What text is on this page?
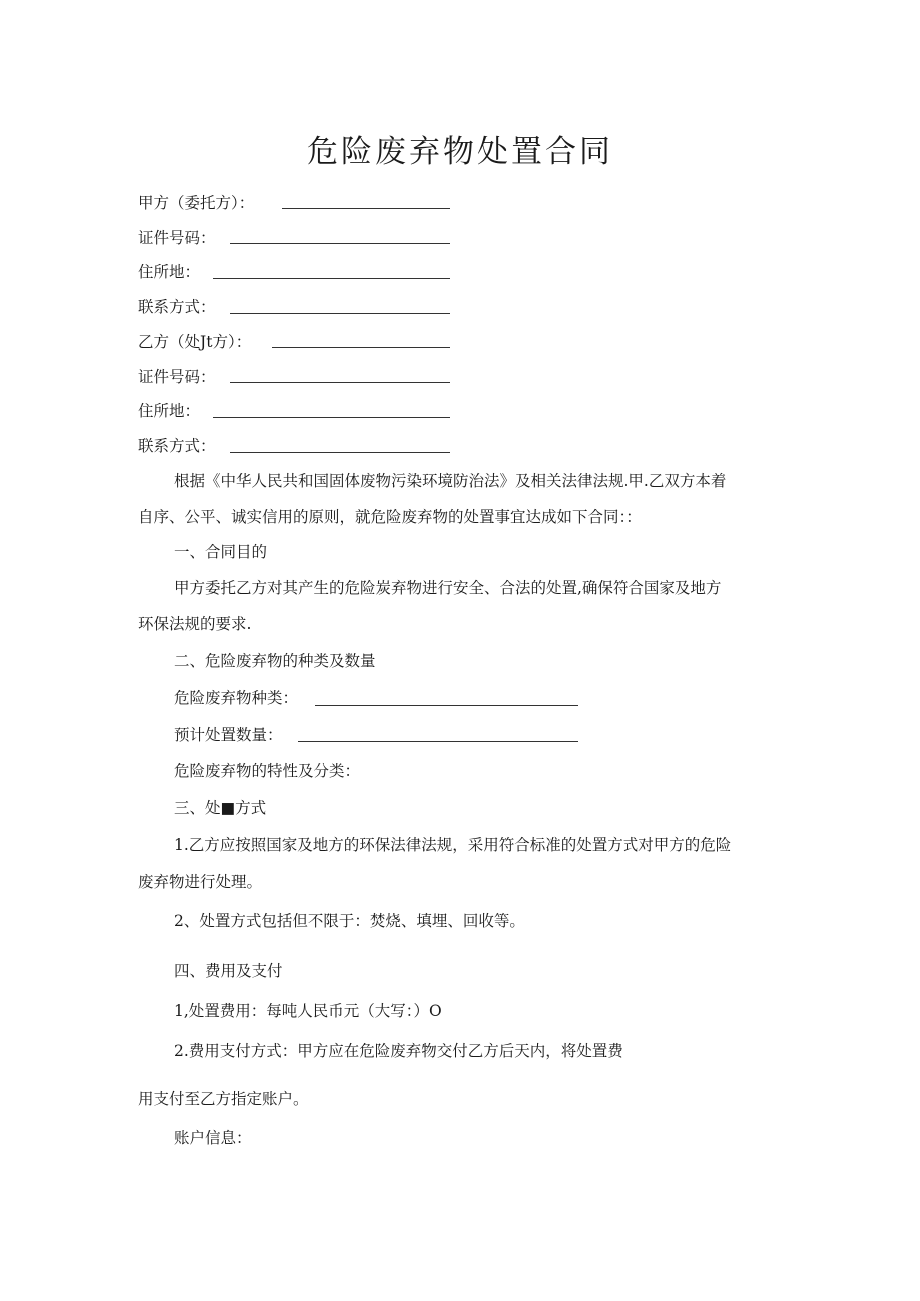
危险废弃物处置合同
甲方（委托方）：
证件号码：
住所地：
联系方式：
乙方（处Jt方）：
证件号码：
住所地：
联系方式：
根据《中华人民共和国固体废物污染环境防治法》及相关法律法规.甲.乙双方本着
自序、公平、诚实信用的原则，就危险废弃物的处置事宜达成如下合同：：
一、合同目的
甲方委托乙方对其产生的危险炭弃物进行安全、合法的处置,确保符合国家及地方
环保法规的要求.
二、危险废弃物的种类及数量
危险废弃物种类：
预计处置数量：
危险废弃物的特性及分类：
三、处■方式
1.乙方应按照国家及地方的环保法律法规，采用符合标准的处置方式对甲方的危险
废弃物进行处理。
2、处置方式包括但不限于：焚烧、填埋、回收等。
四、费用及支付
1,处置费用：每吨人民币元（大写：）O
2.费用支付方式：甲方应在危险废弃物交付乙方后天内，将处置费
用支付至乙方指定账户。
账户信息：
